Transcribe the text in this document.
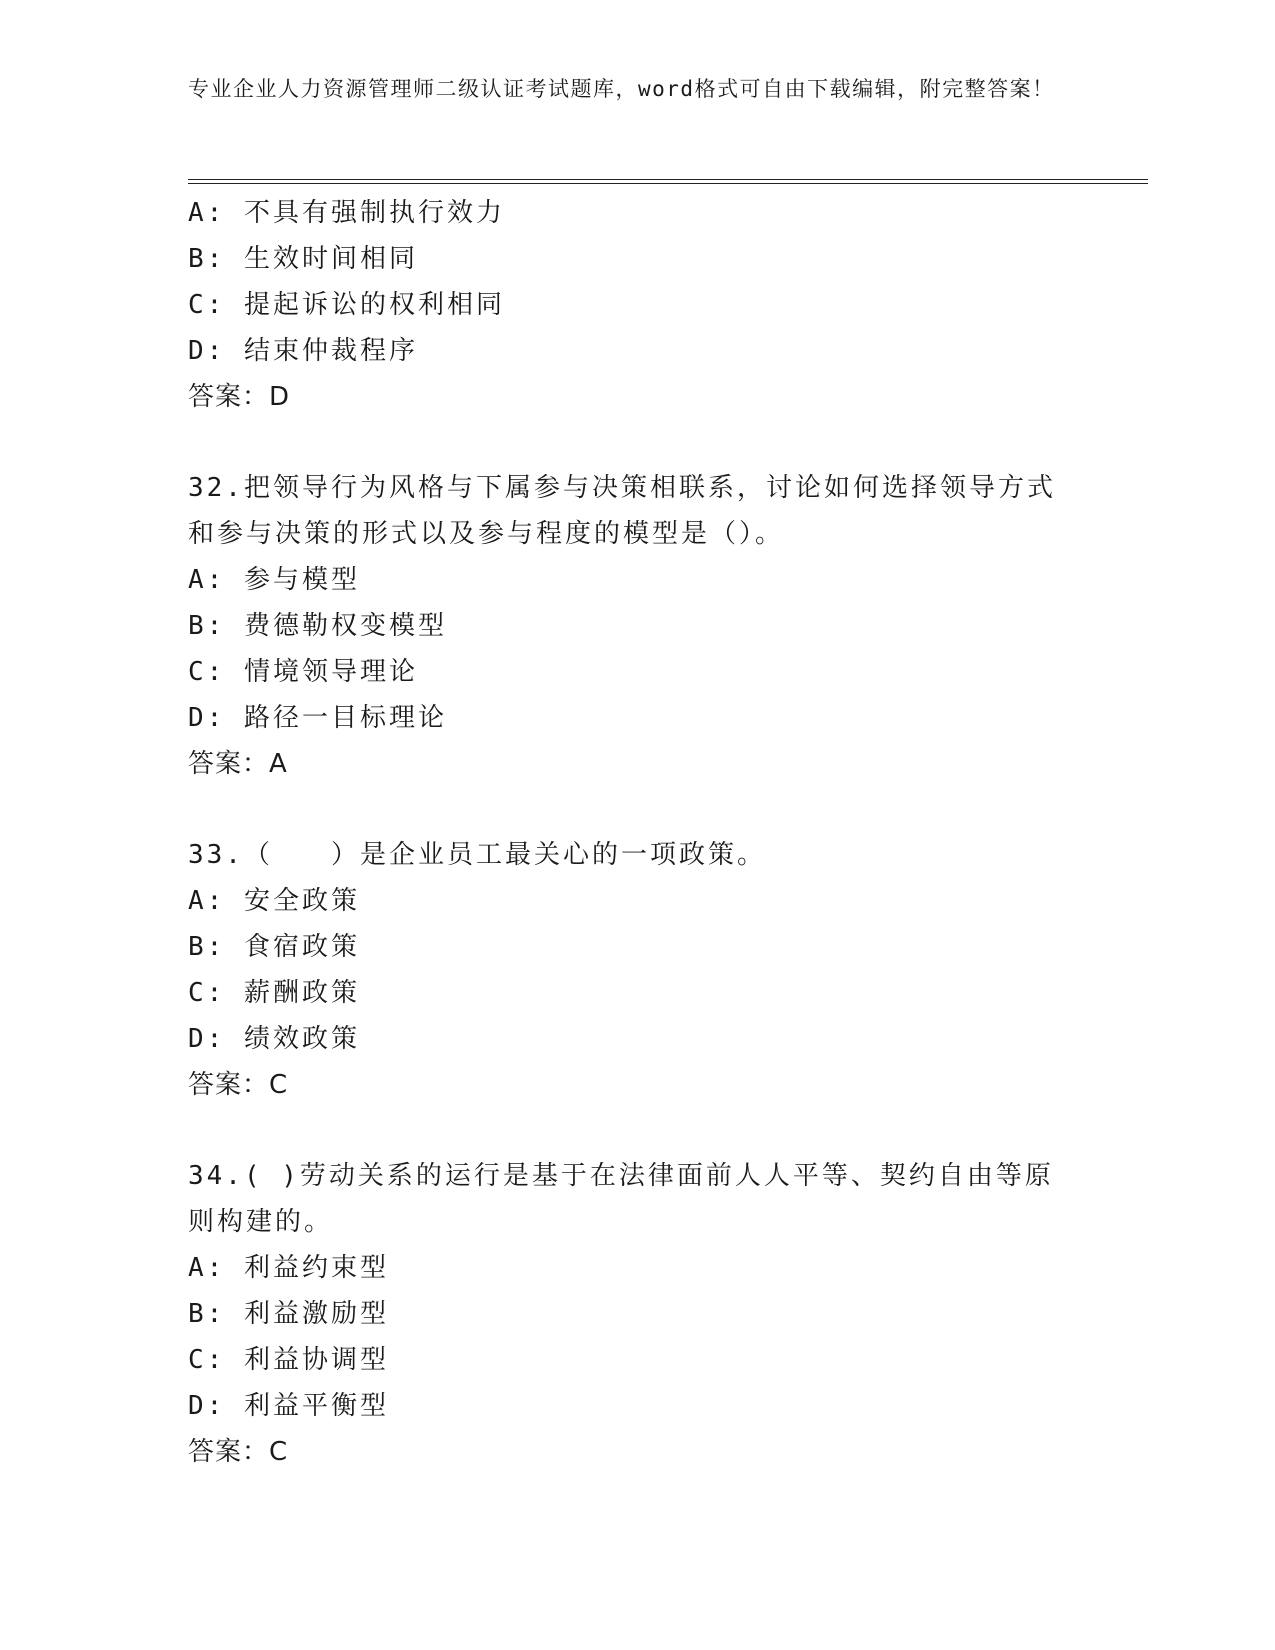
专业企业人力资源管理师二级认证考试题库，word格式可自由下载编辑，附完整答案！

A: 不具有强制执行效力

B: 生效时间相同

C: 提起诉讼的权利相同

D: 结束仲裁程序

答案：D

32.把领导行为风格与下属参与决策相联系，讨论如何选择领导方式和参与决策的形式以及参与程度的模型是（）。

A: 参与模型

B: 费德勒权变模型

C: 情境领导理论

D: 路径一目标理论

答案：A

33.（　　）是企业员工最关心的一项政策。

A: 安全政策

B: 食宿政策

C: 薪酬政策

D: 绩效政策

答案：C

34.( )劳动关系的运行是基于在法律面前人人平等、契约自由等原则构建的。

A: 利益约束型

B: 利益激励型

C: 利益协调型

D: 利益平衡型

答案：C
